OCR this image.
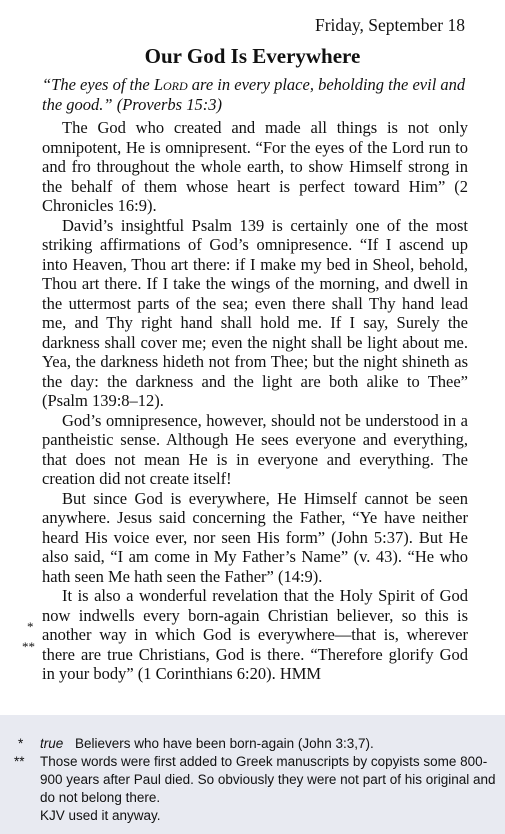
Friday, September 18
Our God Is Everywhere
“The eyes of the Lord are in every place, beholding the evil and the good.” (Proverbs 15:3)

The God who created and made all things is not only omnipotent, He is omnipresent. “For the eyes of the Lord run to and fro throughout the whole earth, to show Himself strong in the behalf of them whose heart is perfect toward Him” (2 Chronicles 16:9).

David’s insightful Psalm 139 is certainly one of the most striking affirmations of God’s omnipresence. “If I ascend up into Heaven, Thou art there: if I make my bed in Sheol, behold, Thou art there. If I take the wings of the morning, and dwell in the uttermost parts of the sea; even there shall Thy hand lead me, and Thy right hand shall hold me. If I say, Surely the darkness shall cover me; even the night shall be light about me. Yea, the darkness hideth not from Thee; but the night shineth as the day: the darkness and the light are both alike to Thee” (Psalm 139:8–12).

God’s omnipresence, however, should not be understood in a pantheistic sense. Although He sees everyone and everything, that does not mean He is in everyone and everything. The creation did not create itself!

But since God is everywhere, He Himself cannot be seen anywhere. Jesus said concerning the Father, “Ye have neither heard His voice ever, nor seen His form” (John 5:37). But He also said, “I am come in My Father’s Name” (v. 43). “He who hath seen Me hath seen the Father” (14:9).

It is also a wonderful revelation that the Holy Spirit of God now indwells every born-again Christian believer, so this is another way in which God is everywhere—that is, wherever there are true Christians, God is there. “Therefore glorify God in your body” (1 Corinthians 6:20). HMM

*
**
* true Believers who have been born-again (John 3:3,7).
** Those words were first added to Greek manuscripts by copyists some 800-900 years after Paul died. So obviously they were not part of his original and do not belong there.
KJV used it anyway.
